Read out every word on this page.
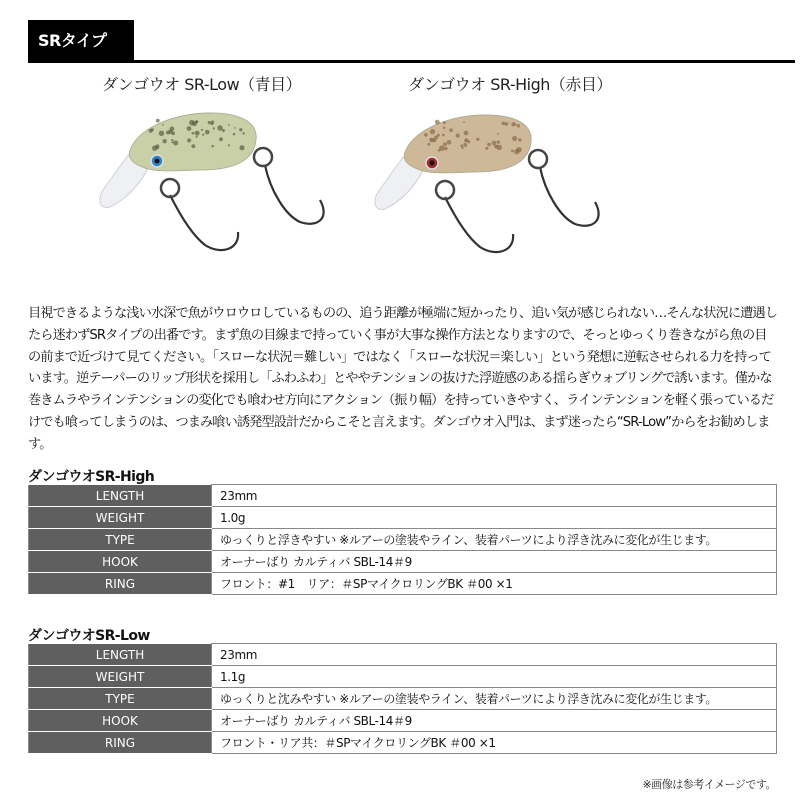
SRタイプ
ダンゴウオ SR-Low（青目）	ダンゴウオ SR-High（赤目）
目視できるような浅い水深で魚がウロウロしているものの、追う距離が極端に短かったり、追い気が感じられない…そんな状況に遭遇したら迷わずSRタイプの出番です。まず魚の目線まで持っていく事が大事な操作方法となりますので、そっとゆっくり巻きながら魚の目の前まで近づけて見てください。「スローな状況＝難しい」ではなく「スローな状況＝楽しい」という発想に逆転させられる力を持っています。逆テーパーのリップ形状を採用し「ふわふわ」とややテンションの抜けた浮遊感のある揺らぎウォブリングで誘います。僅かな巻きムラやラインテンションの変化でも喰わせ方向にアクション（振り幅）を持っていきやすく、ラインテンションを軽く張っているだけでも喰ってしまうのは、つまみ喰い誘発型設計だからこそと言えます。ダンゴウオ入門は、まず迷ったら“SR-Low”からをお勧めします。
ダンゴウオSR-High
LENGTH	23mm
WEIGHT	1.0g
TYPE	ゆっくりと浮きやすい ※ルアーの塗装やライン、装着パーツにより浮き沈みに変化が生じます。
HOOK	オーナーばり カルティバ SBL-14＃9
RING	フロント：#1　リア：＃SPマイクロリングBK ＃00 ×1
ダンゴウオSR-Low
LENGTH	23mm
WEIGHT	1.1g
TYPE	ゆっくりと沈みやすい ※ルアーの塗装やライン、装着パーツにより浮き沈みに変化が生じます。
HOOK	オーナーばり カルティバ SBL-14＃9
RING	フロント・リア共：＃SPマイクロリングBK ＃00 ×1
※画像は参考イメージです。
